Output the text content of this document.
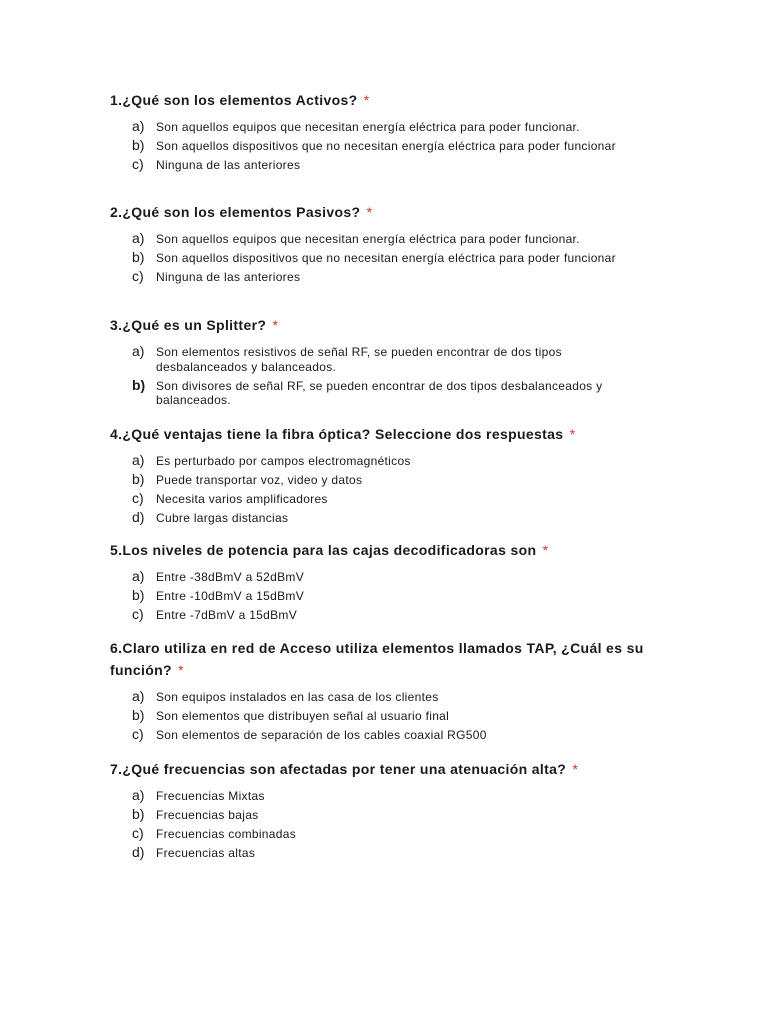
1.¿Qué son los elementos Activos? *

a) Son aquellos equipos que necesitan energía eléctrica para poder funcionar.
b) Son aquellos dispositivos que no necesitan energía eléctrica para poder funcionar
c)	Ninguna de las anteriores

2.¿Qué son los elementos Pasivos? *

a) Son aquellos equipos que necesitan energía eléctrica para poder funcionar.
b) Son aquellos dispositivos que no necesitan energía eléctrica para poder funcionar
c)	Ninguna de las anteriores

3.¿Qué es un Splitter? *

a) Son elementos resistivos de señal RF, se pueden encontrar de dos tipos desbalanceados y balanceados.
b) Son divisores de señal RF, se pueden encontrar de dos tipos desbalanceados y balanceados.

4.¿Qué ventajas tiene la fibra óptica? Seleccione dos respuestas *

a) Es perturbado por campos electromagnéticos
b) Puede transportar voz, video y datos
c)	Necesita varios amplificadores
d) Cubre largas distancias

5.Los niveles de potencia para las cajas decodificadoras son *

a) Entre -38dBmV a 52dBmV
b) Entre -10dBmV a 15dBmV
c)	Entre -7dBmV a 15dBmV

6.Claro utiliza en red de Acceso utiliza elementos llamados TAP, ¿Cuál es su función? *

a) Son equipos instalados en las casa de los clientes
b) Son elementos que distribuyen señal al usuario final
c)	Son elementos de separación de los cables coaxial RG500

7.¿Qué frecuencias son afectadas por tener una atenuación alta? *

a) Frecuencias Mixtas
b) Frecuencias bajas
c)	Frecuencias combinadas
d) Frecuencias altas
